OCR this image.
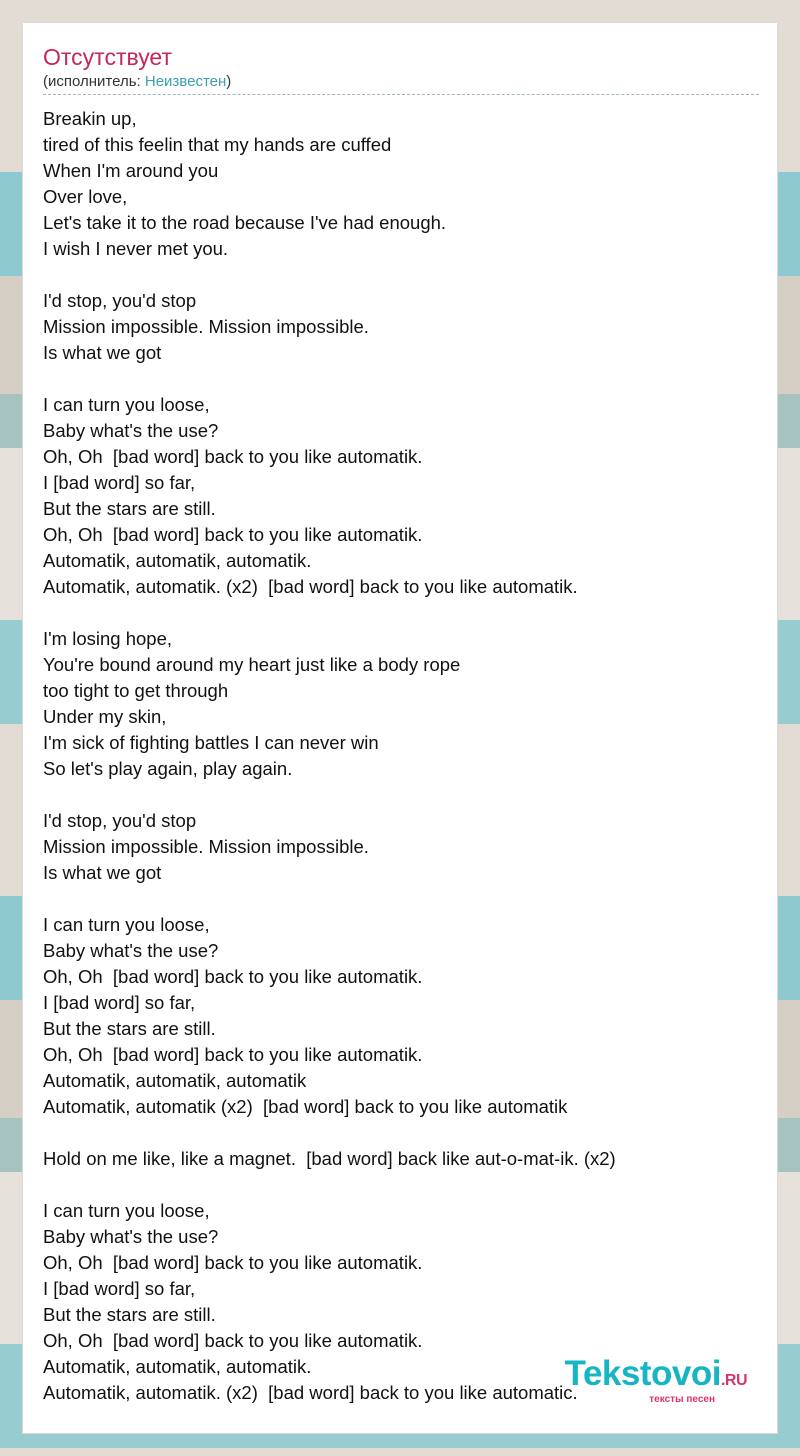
Отсутствует
(исполнитель: Неизвестен)
Breakin up,
tired of this feelin that my hands are cuffed
When I'm around you
Over love,
Let's take it to the road because I've had enough.
I wish I never met you.
I'd stop, you'd stop
Mission impossible. Mission impossible.
Is what we got
I can turn you loose,
Baby what's the use?
Oh, Oh  [bad word] back to you like automatik.
I [bad word] so far,
But the stars are still.
Oh, Oh  [bad word] back to you like automatik.
Automatik, automatik, automatik.
Automatik, automatik. (x2)  [bad word] back to you like automatik.
I'm losing hope,
You're bound around my heart just like a body rope
too tight to get through
Under my skin,
I'm sick of fighting battles I can never win
So let's play again, play again.
I'd stop, you'd stop
Mission impossible. Mission impossible.
Is what we got
I can turn you loose,
Baby what's the use?
Oh, Oh  [bad word] back to you like automatik.
I [bad word] so far,
But the stars are still.
Oh, Oh  [bad word] back to you like automatik.
Automatik, automatik, automatik
Automatik, automatik (x2)  [bad word] back to you like automatik
Hold on me like, like a magnet.  [bad word] back like aut-o-mat-ik. (x2)
I can turn you loose,
Baby what's the use?
Oh, Oh  [bad word] back to you like automatik.
I [bad word] so far,
But the stars are still.
Oh, Oh  [bad word] back to you like automatik.
Automatik, automatik, automatik.
Automatik, automatik. (x2)  [bad word] back to you like automatic.
Tekstovoi.RU
тексты песен
